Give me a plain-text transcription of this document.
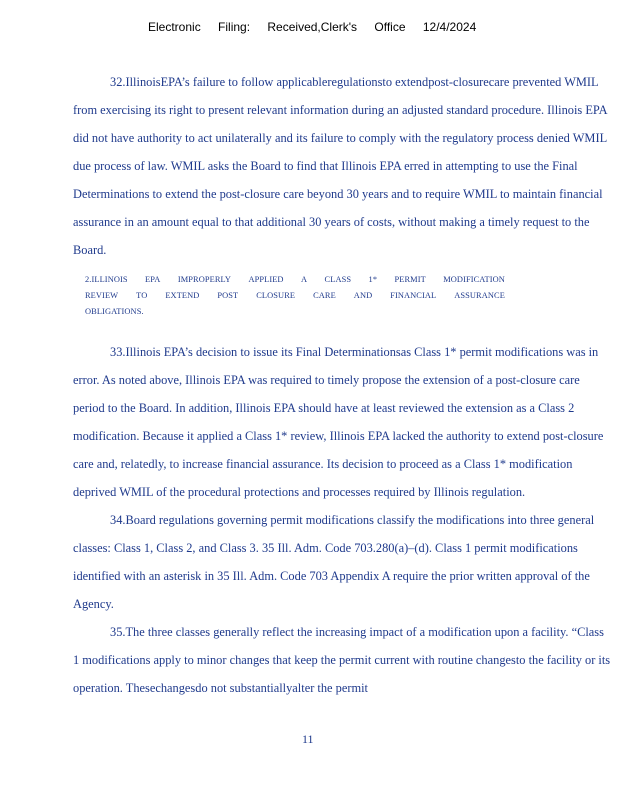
Electronic Filing: Received,Clerk's Office 12/4/2024

32.IllinoisEPA’s failure to follow applicableregulationsto extendpost-closurecare prevented WMIL from exercising its right to present relevant information during an adjusted standard procedure. Illinois EPA did not have authority to act unilaterally and its failure to comply with the regulatory process denied WMIL due process of law. WMIL asks the Board to find that Illinois EPA erred in attempting to use the Final Determinations to extend the post-closure care beyond 30 years and to require WMIL to maintain financial assurance in an amount equal to that additional 30 years of costs, without making a timely request to the Board.

2.ILLINOIS EPA IMPROPERLY APPLIED A CLASS 1* PERMIT MODIFICATION
REVIEW TO EXTEND POST CLOSURE CARE AND FINANCIAL ASSURANCE
OBLIGATIONS.

33.Illinois EPA’s decision to issue its Final Determinationsas Class 1* permit modifications was in error. As noted above, Illinois EPA was required to timely propose the extension of a post-closure care period to the Board. In addition, Illinois EPA should have at least reviewed the extension as a Class 2 modification. Because it applied a Class 1* review, Illinois EPA lacked the authority to extend post-closure care and, relatedly, to increase financial assurance. Its decision to proceed as a Class 1* modification deprived WMIL of the procedural protections and processes required by Illinois regulation.

34.Board regulations governing permit modifications classify the modifications into three general classes: Class 1, Class 2, and Class 3. 35 Ill. Adm. Code 703.280(a)–(d). Class 1 permit modifications identified with an asterisk in 35 Ill. Adm. Code 703 Appendix A require the prior written approval of the Agency.

35.The three classes generally reflect the increasing impact of a modification upon a facility. “Class 1 modifications apply to minor changes that keep the permit current with routine changesto the facility or its operation. Thesechangesdo not substantiallyalter the permit

11
